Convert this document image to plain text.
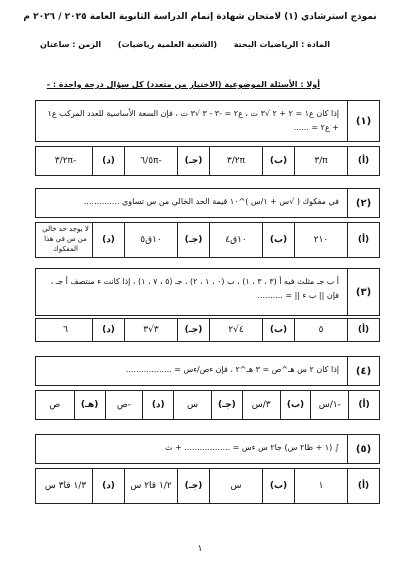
نموذج استرشادي (١) لامتحان شهادة إتمام الدراسة الثانوية العامة ٢٠٢٥ / ٢٠٢٦ م
المادة : الرياضيات البحتة
(الشعبة العلمية رياضيات)
الزمن : ساعتان
أولا : الأسئلة الموضوعية (الاختيار من متعدد) كل سؤال درجة واحدة : -
(١)
إذا كان ع١ = ٢ + ٢ √٣ ت ، ع٢ = -٣ - ٣ √٣ ت ، فإن السعة الأساسية للعدد المركب ع١ + ع٢ = ......
(أ)
π/٣
(ب)
٢π/٣
(جـ)
-٥π/٦
(د)
-٢π/٣
(٢)
في مفكوك ( √س + ١/س )^١٠ قيمة الحد الخالي من س تساوي ..............
(أ)
٢١٠
(ب)
١٠ق٤
(جـ)
١٠ق٥
(د)
لا يوجد حد خالي من س في هذا المفكوك
(٣)
أ ب جـ مثلث فيه أ (٣ ، ٣ ، ١) ، ب (٠ ، ١ ، ٢) ، جـ (٥ ، ٧ ، ١) ، إذا كانت ء منتصف أ جـ ، فإن || ب ء || = ..........
(أ)
٥
(ب)
٤√٢
(جـ)
٣√٣
(د)
٦
(٤)
إذا كان ٢ س هـ^ص = ٣ هـ^٢ ، فإن ءص/ءس = ..................
(أ)
-١/س
(ب)
٣/س
(جـ)
س
(د)
-ص
(هـ)
ص
(٥)
∫ (١ + ظا٢ س) جا٢ س ءس = .................. + ث
(أ)
١
(ب)
س
(جـ)
١/٢ قا٢ س
(د)
١/٣ قا٣ س
١
